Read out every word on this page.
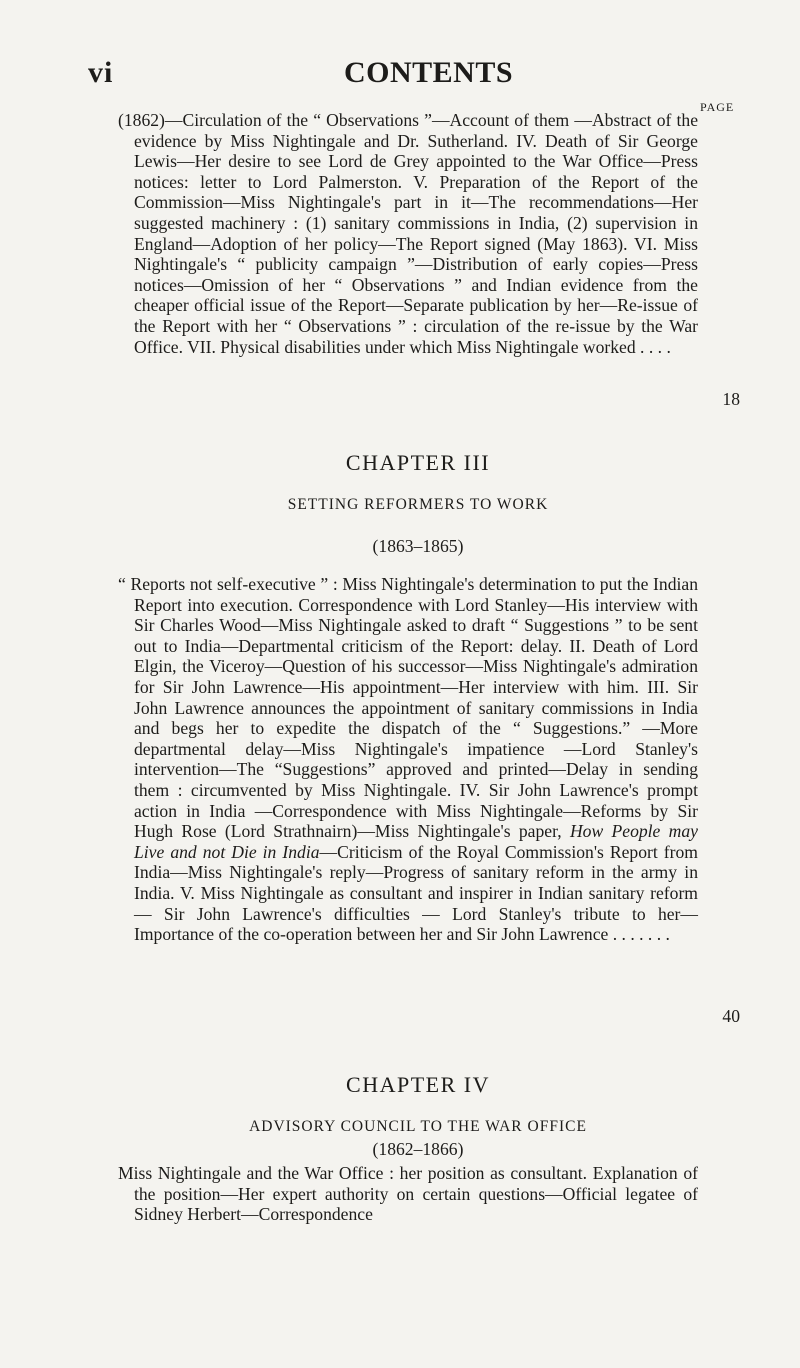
vi	CONTENTS
PAGE
(1862)—Circulation of the “ Observations ”—Account of them —Abstract of the evidence by Miss Nightingale and Dr. Sutherland. IV. Death of Sir George Lewis—Her desire to see Lord de Grey appointed to the War Office—Press notices: letter to Lord Palmerston. V. Preparation of the Report of the Commission—Miss Nightingale's part in it—The recommendations—Her suggested machinery : (1) sanitary commissions in India, (2) supervision in England—Adoption of her policy—The Report signed (May 1863). VI. Miss Nightingale's “ publicity campaign ”—Distribution of early copies—Press notices—Omission of her “ Observations ” and Indian evidence from the cheaper official issue of the Report—Separate publication by her—Re-issue of the Report with her “ Observations ” : circulation of the re-issue by the War Office. VII. Physical disabilities under which Miss Nightingale worked . . . .
18
CHAPTER III
SETTING REFORMERS TO WORK
(1863–1865)
“ Reports not self-executive ” : Miss Nightingale's determination to put the Indian Report into execution. Correspondence with Lord Stanley—His interview with Sir Charles Wood—Miss Nightingale asked to draft “ Suggestions ” to be sent out to India—Departmental criticism of the Report: delay. II. Death of Lord Elgin, the Viceroy—Question of his successor—Miss Nightingale's admiration for Sir John Lawrence—His appointment—Her interview with him. III. Sir John Lawrence announces the appointment of sanitary commissions in India and begs her to expedite the dispatch of the “ Suggestions.” —More departmental delay—Miss Nightingale's impatience —Lord Stanley's intervention—The “Suggestions” approved and printed—Delay in sending them : circumvented by Miss Nightingale. IV. Sir John Lawrence's prompt action in India —Correspondence with Miss Nightingale—Reforms by Sir Hugh Rose (Lord Strathnairn)—Miss Nightingale's paper, How People may Live and not Die in India—Criticism of the Royal Commission's Report from India—Miss Nightingale's reply—Progress of sanitary reform in the army in India. V. Miss Nightingale as consultant and inspirer in Indian sanitary reform — Sir John Lawrence's difficulties — Lord Stanley's tribute to her—Importance of the co-operation between her and Sir John Lawrence . . . . . . .
40
CHAPTER IV
ADVISORY COUNCIL TO THE WAR OFFICE
(1862–1866)
Miss Nightingale and the War Office : her position as consultant. Explanation of the position—Her expert authority on certain questions—Official legatee of Sidney Herbert—Correspondence
